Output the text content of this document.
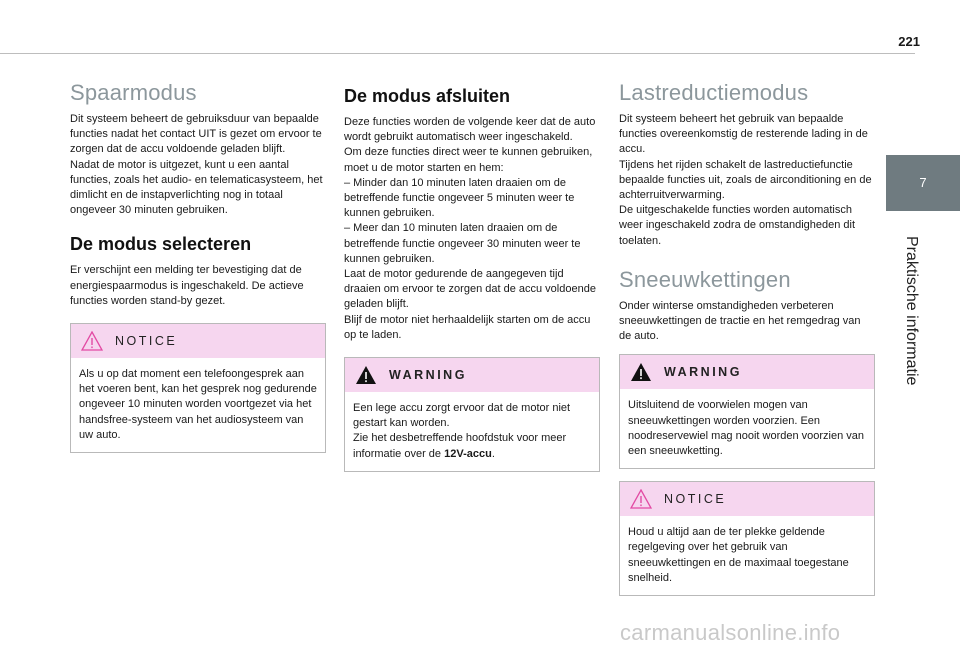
221
7
Praktische informatie
Spaarmodus

Dit systeem beheert de gebruiksduur van bepaalde functies nadat het contact UIT is gezet om ervoor te zorgen dat de accu voldoende geladen blijft.
Nadat de motor is uitgezet, kunt u een aantal functies, zoals het audio- en telematicasysteem, het dimlicht en de instapverlichting nog in totaal ongeveer 30 minuten gebruiken.

De modus selecteren

Er verschijnt een melding ter bevestiging dat de energiespaarmodus is ingeschakeld. De actieve functies worden stand-by gezet.

NOTICE

Als u op dat moment een telefoongesprek aan het voeren bent, kan het gesprek nog gedurende ongeveer 10 minuten worden voortgezet via het handsfree-systeem van het audiosysteem van uw auto.

De modus afsluiten

Deze functies worden de volgende keer dat de auto wordt gebruikt automatisch weer ingeschakeld.
Om deze functies direct weer te kunnen gebruiken, moet u de motor starten en hem:
– Minder dan 10 minuten laten draaien om de betreffende functie ongeveer 5 minuten weer te kunnen gebruiken.
– Meer dan 10 minuten laten draaien om de betreffende functie ongeveer 30 minuten weer te kunnen gebruiken.
Laat de motor gedurende de aangegeven tijd draaien om ervoor te zorgen dat de accu voldoende geladen blijft.
Blijf de motor niet herhaaldelijk starten om de accu op te laden.

WARNING

Een lege accu zorgt ervoor dat de motor niet gestart kan worden.
Zie het desbetreffende hoofdstuk voor meer informatie over de 12V-accu.

Lastreductiemodus

Dit systeem beheert het gebruik van bepaalde functies overeenkomstig de resterende lading in de accu.
Tijdens het rijden schakelt de lastreductiefunctie bepaalde functies uit, zoals de airconditioning en de achterruitverwarming.
De uitgeschakelde functies worden automatisch weer ingeschakeld zodra de omstandigheden dit toelaten.

Sneeuwkettingen

Onder winterse omstandigheden verbeteren sneeuwkettingen de tractie en het remgedrag van de auto.

WARNING

Uitsluitend de voorwielen mogen van sneeuwkettingen worden voorzien. Een noodreservewiel mag nooit worden voorzien van een sneeuwketting.

NOTICE

Houd u altijd aan de ter plekke geldende regelgeving over het gebruik van sneeuwkettingen en de maximaal toegestane snelheid.

carmanualsonline.info
